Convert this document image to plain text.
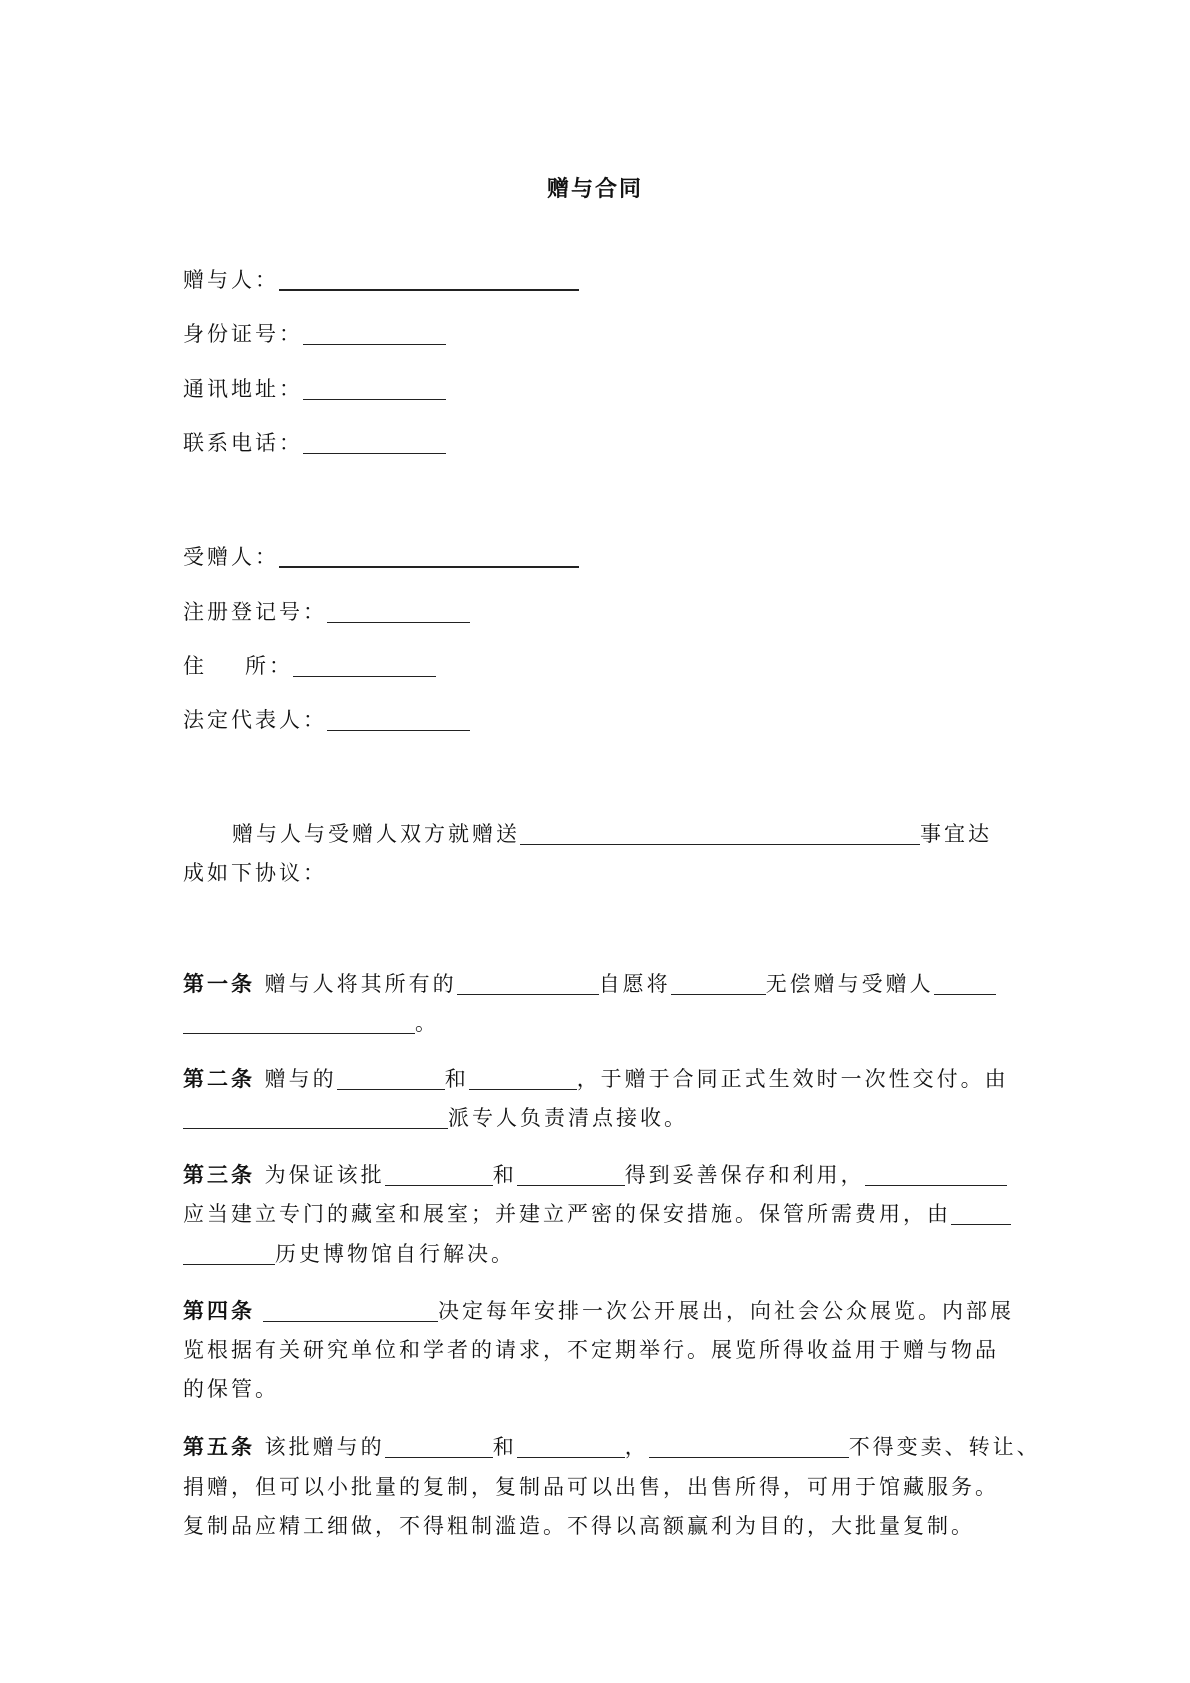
赠与合同
赠与人：
身份证号：
通讯地址：
联系电话：
受赠人：
注册登记号：
住 所：
法定代表人：
赠与人与受赠人双方就赠送	事宜达
成如下协议：
第一条 赠与人将其所有的	自愿将	无偿赠与受赠人
。
第二条 赠与的	和	，于赠于合同正式生效时一次性交付。由
派专人负责清点接收。
第三条 为保证该批	和	得到妥善保存和利用，
应当建立专门的藏室和展室；并建立严密的保安措施。保管所需费用，由
历史博物馆自行解决。
第四条	决定每年安排一次公开展出，向社会公众展览。内部展
览根据有关研究单位和学者的请求，不定期举行。展览所得收益用于赠与物品
的保管。
第五条 该批赠与的	和	，	不得变卖、转让、
捐赠，但可以小批量的复制，复制品可以出售，出售所得，可用于馆藏服务。
复制品应精工细做，不得粗制滥造。不得以高额赢利为目的，大批量复制。
